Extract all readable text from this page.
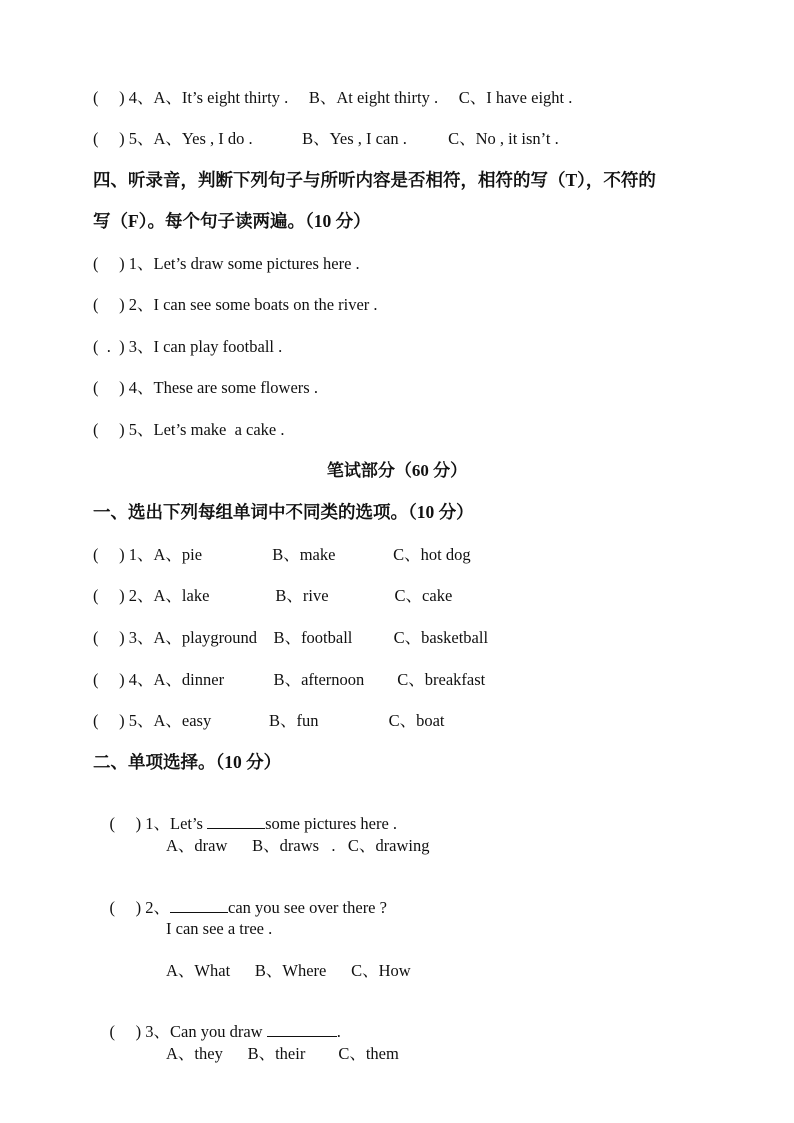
(     ) 4、A、It’s eight thirty .     B、At eight thirty .     C、I have eight .
(     ) 5、A、Yes , I do .            B、Yes , I can .          C、No , it isn’t .
四、听录音，判断下列句子与所听内容是否相符，相符的写（T），不符的
写（F）。每个句子读两遍。（10 分）
(     ) 1、Let’s draw some pictures here .
(     ) 2、I can see some boats on the river .
(  .  ) 3、I can play football .
(     ) 4、These are some flowers .
(     ) 5、Let’s make  a cake .
笔试部分（60 分）
一、选出下列每组单词中不同类的选项。（10 分）
(     ) 1、A、pie                 B、make              C、hot dog
(     ) 2、A、lake                B、rive                C、cake
(     ) 3、A、playground    B、football          C、basketball
(     ) 4、A、dinner            B、afternoon        C、breakfast
(     ) 5、A、easy              B、fun                 C、boat
二、单项选择。（10 分）

(     ) 1、Let’s	some pictures here .

A、draw      B、draws   .   C、drawing

(     ) 2、	can you see over there ?

I can see a tree .
A、What      B、Where      C、How

(     ) 3、Can you draw	.

A、they      B、their        C、them
